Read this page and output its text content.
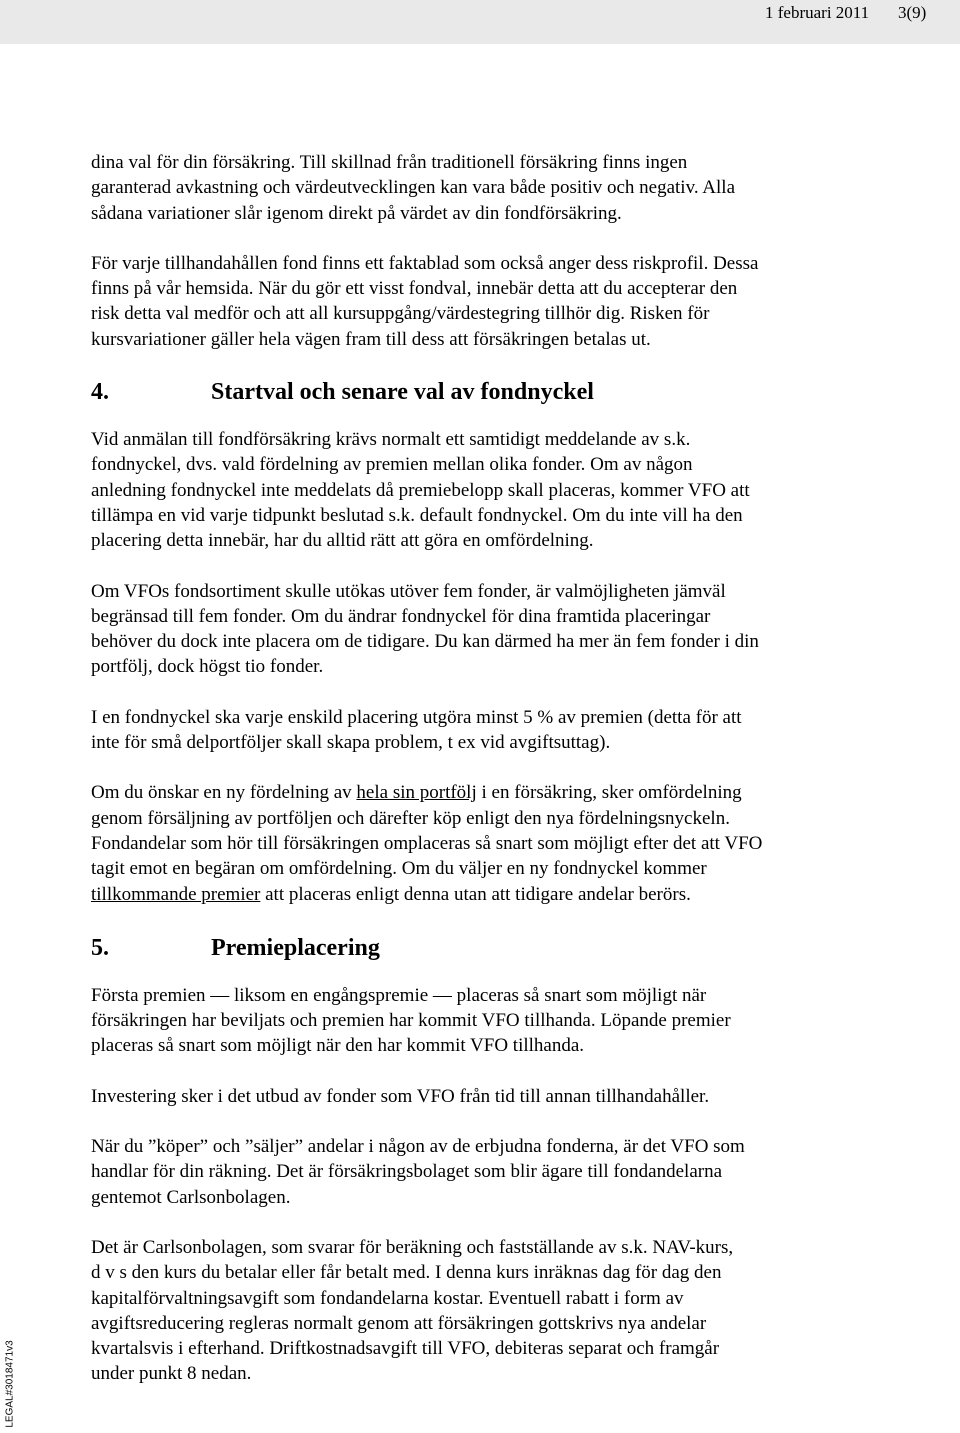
1 februari 2011 3(9)

dina val för din försäkring. Till skillnad från traditionell försäkring finns ingen

garanterad avkastning och värdeutvecklingen kan vara både positiv och negativ. Alla

sådana variationer slår igenom direkt på värdet av din fondförsäkring.

För varje tillhandahållen fond finns ett faktablad som också anger dess riskprofil. Dessa

finns på vår hemsida. När du gör ett visst fondval, innebär detta att du accepterar den

risk detta val medför och att all kursuppgång/värdestegring tillhör dig. Risken för

kursvariationer gäller hela vägen fram till dess att försäkringen betalas ut.

4.	Startval och senare val av fondnyckel

Vid anmälan till fondförsäkring krävs normalt ett samtidigt meddelande av s.k.

fondnyckel, dvs. vald fördelning av premien mellan olika fonder. Om av någon

anledning fondnyckel inte meddelats då premiebelopp skall placeras, kommer VFO att

tillämpa en vid varje tidpunkt beslutad s.k. default fondnyckel. Om du inte vill ha den

placering detta innebär, har du alltid rätt att göra en omfördelning.

Om VFOs fondsortiment skulle utökas utöver fem fonder, är valmöjligheten jämväl

begränsad till fem fonder. Om du ändrar fondnyckel för dina framtida placeringar

behöver du dock inte placera om de tidigare. Du kan därmed ha mer än fem fonder i din

portfölj, dock högst tio fonder.

I en fondnyckel ska varje enskild placering utgöra minst 5 % av premien (detta för att

inte för små delportföljer skall skapa problem, t ex vid avgiftsuttag).

Om du önskar en ny fördelning av hela sin portfölj i en försäkring, sker omfördelning

genom försäljning av portföljen och därefter köp enligt den nya fördelningsnyckeln.

Fondandelar som hör till försäkringen omplaceras så snart som möjligt efter det att VFO

tagit emot en begäran om omfördelning. Om du väljer en ny fondnyckel kommer

tillkommande premier att placeras enligt denna utan att tidigare andelar berörs.

5.	Premieplacering

Första premien — liksom en engångspremie — placeras så snart som möjligt när

försäkringen har beviljats och premien har kommit VFO tillhanda. Löpande premier

placeras så snart som möjligt när den har kommit VFO tillhanda.

Investering sker i det utbud av fonder som VFO från tid till annan tillhandahåller.

När du ”köper” och ”säljer” andelar i någon av de erbjudna fonderna, är det VFO som

handlar för din räkning. Det är försäkringsbolaget som blir ägare till fondandelarna

gentemot Carlsonbolagen.

Det är Carlsonbolagen, som svarar för beräkning och fastställande av s.k. NAV-kurs,

d v s den kurs du betalar eller får betalt med. I denna kurs inräknas dag för dag den

kapitalförvaltningsavgift som fondandelarna kostar. Eventuell rabatt i form av

avgiftsreducering regleras normalt genom att försäkringen gottskrivs nya andelar

kvartalsvis i efterhand. Driftkostnadsavgift till VFO, debiteras separat och framgår

under punkt 8 nedan.

LEGAL#3018471v3
